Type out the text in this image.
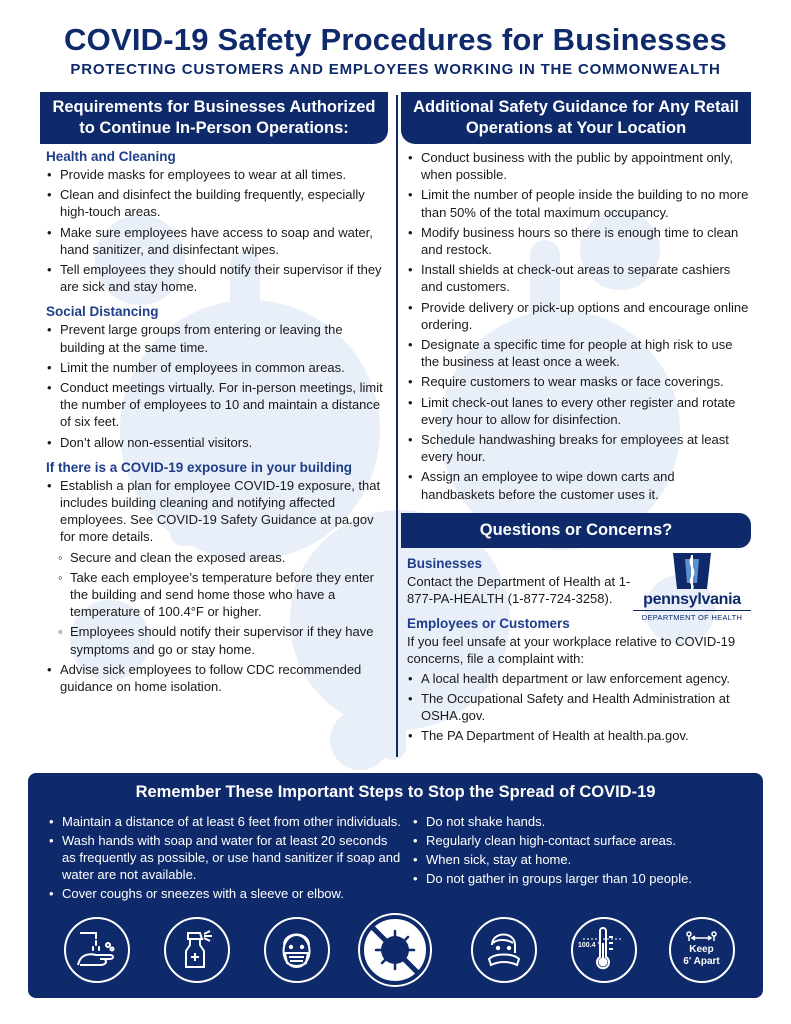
COVID-19 Safety Procedures for Businesses
PROTECTING CUSTOMERS AND EMPLOYEES WORKING IN THE COMMONWEALTH
Requirements for Businesses Authorized to Continue In-Person Operations:
Health and Cleaning
• Provide masks for employees to wear at all times.
• Clean and disinfect the building frequently, especially high-touch areas.
• Make sure employees have access to soap and water, hand sanitizer, and disinfectant wipes.
• Tell employees they should notify their supervisor if they are sick and stay home.
Social Distancing
• Prevent large groups from entering or leaving the building at the same time.
• Limit the number of employees in common areas.
• Conduct meetings virtually. For in-person meetings, limit the number of employees to 10 and maintain a distance of six feet.
• Don’t allow non-essential visitors.
If there is a COVID-19 exposure in your building
• Establish a plan for employee COVID-19 exposure, that includes building cleaning and notifying affected employees. See COVID-19 Safety Guidance at pa.gov for more details.
◦ Secure and clean the exposed areas.
◦ Take each employee’s temperature before they enter the building and send home those who have a temperature of 100.4°F or higher.
◦ Employees should notify their supervisor if they have symptoms and go or stay home.
• Advise sick employees to follow CDC recommended guidance on home isolation.
Additional Safety Guidance for Any Retail Operations at Your Location
• Conduct business with the public by appointment only, when possible.
• Limit the number of people inside the building to no more than 50% of the total maximum occupancy.
• Modify business hours so there is enough time to clean and restock.
• Install shields at check-out areas to separate cashiers and customers.
• Provide delivery or pick-up options and encourage online ordering.
• Designate a specific time for people at high risk to use the business at least once a week.
• Require customers to wear masks or face coverings.
• Limit check-out lanes to every other register and rotate every hour to allow for disinfection.
• Schedule handwashing breaks for employees at least every hour.
• Assign an employee to wipe down carts and handbaskets before the customer uses it.
Questions or Concerns?
Businesses
Contact the Department of Health at 1-877-PA-HEALTH (1-877-724-3258).	pennsylvania
DEPARTMENT OF HEALTH
Employees or Customers
If you feel unsafe at your workplace relative to COVID-19 concerns, file a complaint with:
• A local health department or law enforcement agency.
• The Occupational Safety and Health Administration at OSHA.gov.
• The PA Department of Health at health.pa.gov.
Remember These Important Steps to Stop the Spread of COVID-19
• Maintain a distance of at least 6 feet from other individuals.
• Wash hands with soap and water for at least 20 seconds as frequently as possible, or use hand sanitizer if soap and water are not available.
• Cover coughs or sneezes with a sleeve or elbow.
• Do not shake hands.
• Regularly clean high-contact surface areas.
• When sick, stay at home.
• Do not gather in groups larger than 10 people.
100.4 °	Keep
6' Apart
